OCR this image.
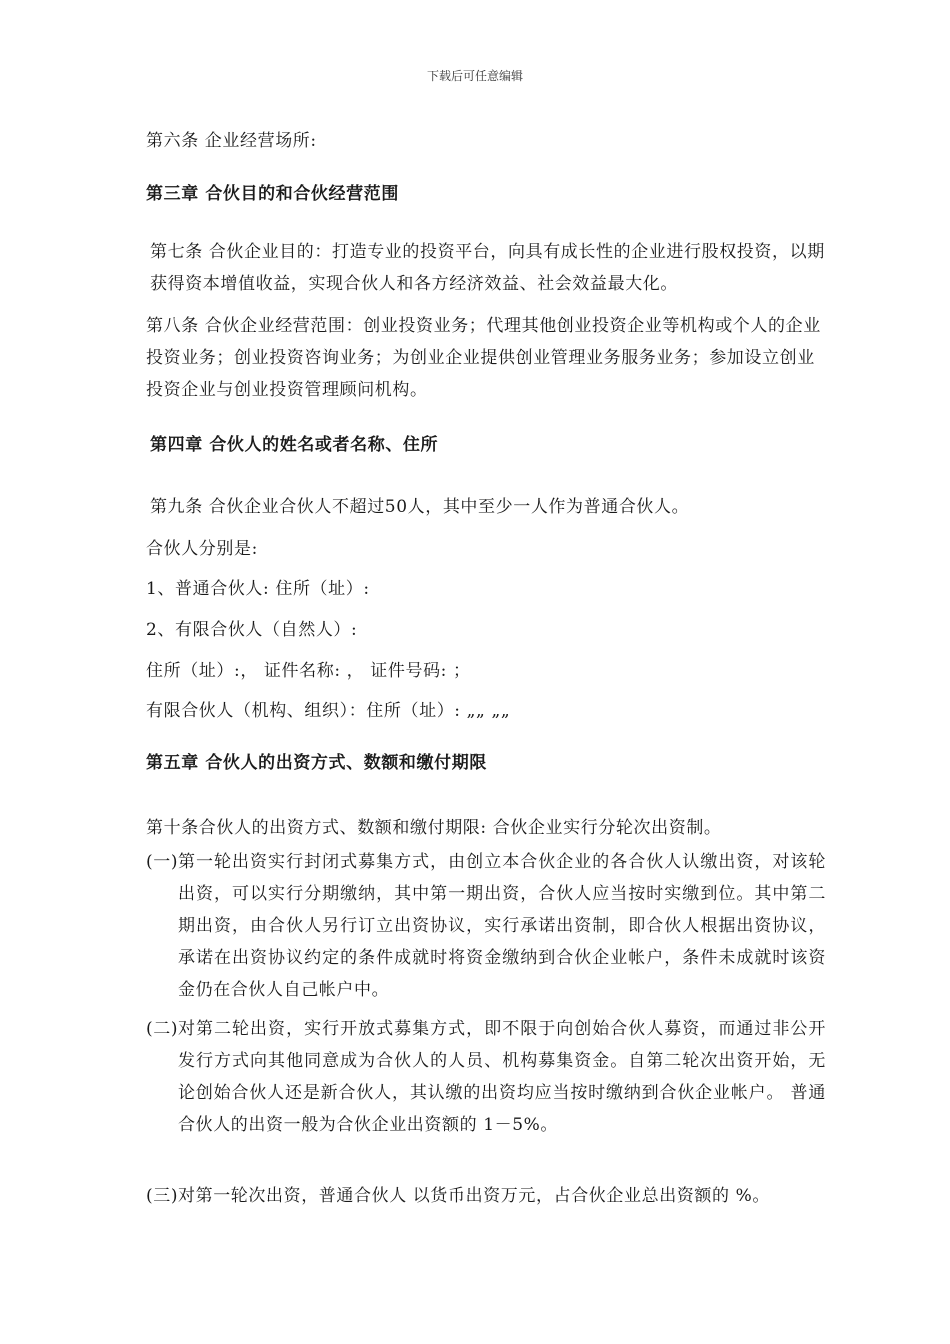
下载后可任意编辑
第六条 企业经营场所:
第三章 合伙目的和合伙经营范围
第七条 合伙企业目的：打造专业的投资平台，向具有成长性的企业进行股权投资，以期获得资本增值收益，实现合伙人和各方经济效益、社会效益最大化。
第八条 合伙企业经营范围：创业投资业务；代理其他创业投资企业等机构或个人的企业投资业务；创业投资咨询业务；为创业企业提供创业管理业务服务业务；参加设立创业投资企业与创业投资管理顾问机构。
第四章 合伙人的姓名或者名称、住所
第九条 合伙企业合伙人不超过50人，其中至少一人作为普通合伙人。
合伙人分别是:
1、普通合伙人: 住所（址）:
2、有限合伙人（自然人）:
住所（址）:， 证件名称: ， 证件号码: ；
有限合伙人（机构、组织）：住所（址）: „„ „„
第五章 合伙人的出资方式、数额和缴付期限
第十条合伙人的出资方式、数额和缴付期限: 合伙企业实行分轮次出资制。
(一) 第一轮出资实行封闭式募集方式，由创立本合伙企业的各合伙人认缴出资，对该轮出资，可以实行分期缴纳，其中第一期出资，合伙人应当按时实缴到位。其中第二期出资，由合伙人另行订立出资协议，实行承诺出资制，即合伙人根据出资协议，承诺在出资协议约定的条件成就时将资金缴纳到合伙企业帐户，条件未成就时该资金仍在合伙人自己帐户中。
(二) 对第二轮出资，实行开放式募集方式，即不限于向创始合伙人募资，而通过非公开发行方式向其他同意成为合伙人的人员、机构募集资金。自第二轮次出资开始，无论创始合伙人还是新合伙人，其认缴的出资均应当按时缴纳到合伙企业帐户。 普通合伙人的出资一般为合伙企业出资额的 1－5%。
(三) 对第一轮次出资，普通合伙人 以货币出资万元，占合伙企业总出资额的 %。
